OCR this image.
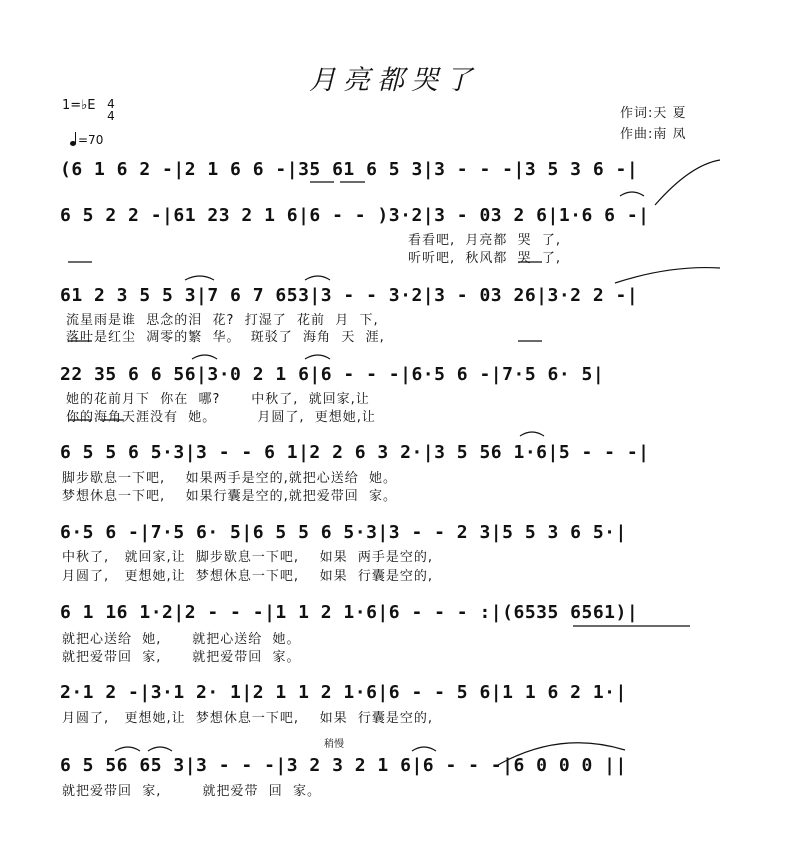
月亮都哭了
1=♭E 4
4
=70
作词:天 夏
作曲:南 凤
稍慢
(6 1 6 2 -|2 1 6 6 -|35 61 6 5 3|3 - - -|3 5 3 6 -|
6 5 2 2 -|61 23 2 1 6|6 - - )3·2|3 - 03 2 6|1·6 6 -|
看看吧,  月亮都  哭  了,
听听吧,  秋风都  哭  了,
61 2 3 5 5 3|7 6 7 653|3 - - 3·2|3 - 03 26|3·2 2 -|
流星雨是谁  思念的泪  花?  打湿了  花前  月  下,
落叶是红尘  凋零的繁  华。  斑驳了  海角  天  涯,
22 35 6 6 56|3·0 2 1 6|6 - - -|6·5 6 -|7·5 6· 5|
她的花前月下  你在  哪?      中秋了,  就回家,让
你的海角天涯没有  她。        月圆了,  更想她,让
6 5 5 6 5·3|3 - - 6 1|2 2 6 3 2·|3 5 56 1·6|5 - - -|
脚步歇息一下吧,    如果两手是空的,就把心送给  她。
梦想休息一下吧,    如果行囊是空的,就把爱带回  家。
6·5 6 -|7·5 6· 5|6 5 5 6 5·3|3 - - 2 3|5 5 3 6 5·|
中秋了,   就回家,让  脚步歇息一下吧,    如果  两手是空的,
月圆了,   更想她,让  梦想休息一下吧,    如果  行囊是空的,
6 1 16 1·2|2 - - -|1 1 2 1·6|6 - - - :|(6535 6561)|
就把心送给  她,      就把心送给  她。
就把爱带回  家,      就把爱带回  家。
2·1 2 -|3·1 2· 1|2 1 1 2 1·6|6 - - 5 6|1 1 6 2 1·|
月圆了,   更想她,让  梦想休息一下吧,    如果  行囊是空的,
6 5 56 65 3|3 - - -|3 2 3 2 1 6|6 - - -|6 0 0 0 ||
就把爱带回  家,        就把爱带  回  家。
